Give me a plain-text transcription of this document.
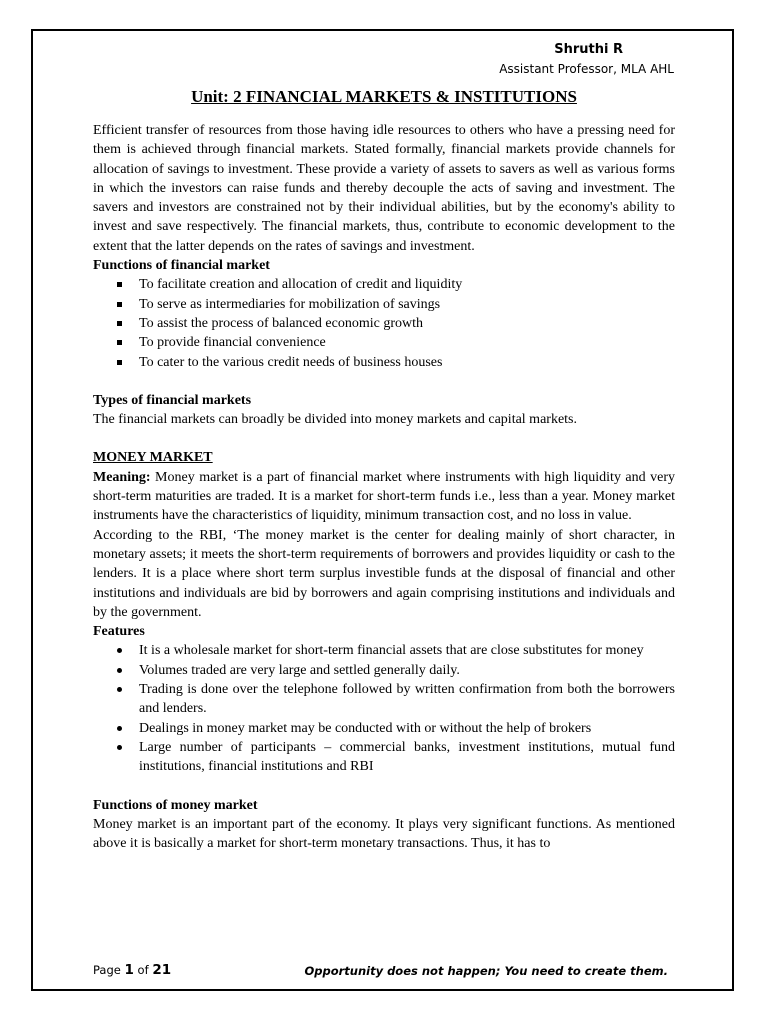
Shruthi R
Assistant Professor, MLA AHL
Unit: 2 FINANCIAL MARKETS & INSTITUTIONS

Efficient transfer of resources from those having idle resources to others who have a pressing need for them is achieved through financial markets. Stated formally, financial markets provide channels for allocation of savings to investment. These provide a variety of assets to savers as well as various forms in which the investors can raise funds and thereby decouple the acts of saving and investment. The savers and investors are constrained not by their individual abilities, but by the economy's ability to invest and save respectively. The financial markets, thus, contribute to economic development to the extent that the latter depends on the rates of savings and investment.

Functions of financial market

To facilitate creation and allocation of credit and liquidity
To serve as intermediaries for mobilization of savings
To assist the process of balanced economic growth
To provide financial convenience
To cater to the various credit needs of business houses

Types of financial markets

The financial markets can broadly be divided into money markets and capital markets.

MONEY MARKET

Meaning: Money market is a part of financial market where instruments with high liquidity and very short-term maturities are traded. It is a market for short-term funds i.e., less than a year. Money market instruments have the characteristics of liquidity, minimum transaction cost, and no loss in value.

According to the RBI, ‘The money market is the center for dealing mainly of short character, in monetary assets; it meets the short-term requirements of borrowers and provides liquidity or cash to the lenders. It is a place where short term surplus investible funds at the disposal of financial and other institutions and individuals are bid by borrowers and again comprising institutions and individuals and by the government.

Features

It is a wholesale market for short-term financial assets that are close substitutes for money
Volumes traded are very large and settled generally daily.
Trading is done over the telephone followed by written confirmation from both the borrowers and lenders.
Dealings in money market may be conducted with or without the help of brokers
Large number of participants – commercial banks, investment institutions, mutual fund institutions, financial institutions and RBI

Functions of money market

Money market is an important part of the economy. It plays very significant functions. As mentioned above it is basically a market for short-term monetary transactions. Thus, it has to

Page 1 of 21	Opportunity does not happen; You need to create them.
